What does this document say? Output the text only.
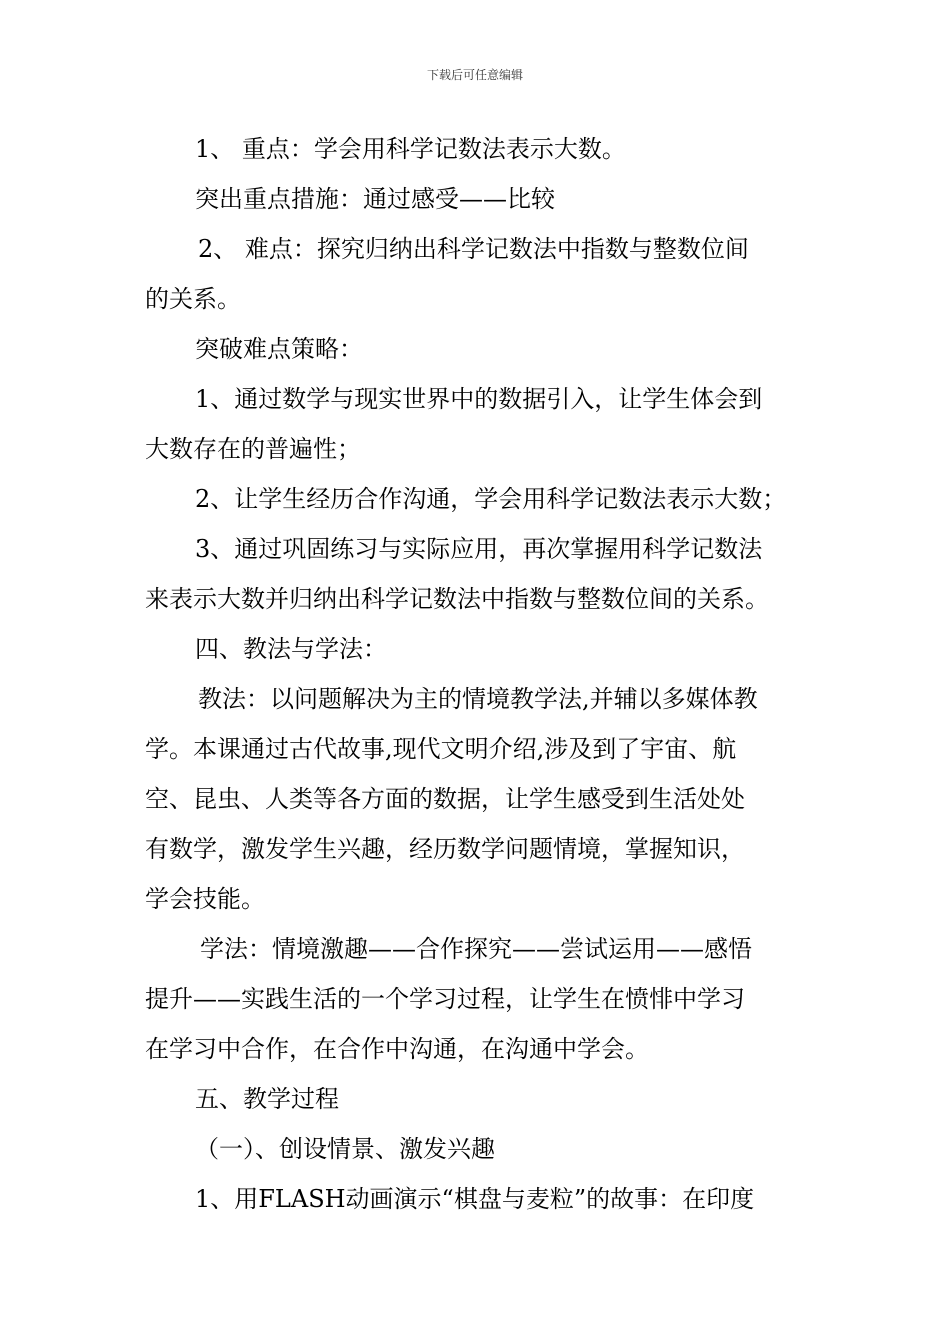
下载后可任意编辑
1、 重点：学会用科学记数法表示大数。
突出重点措施：通过感受——比较
2、 难点：探究归纳出科学记数法中指数与整数位间
的关系。
突破难点策略：
1、通过数学与现实世界中的数据引入，让学生体会到
大数存在的普遍性；
2、让学生经历合作沟通，学会用科学记数法表示大数；
3、通过巩固练习与实际应用，再次掌握用科学记数法
来表示大数并归纳出科学记数法中指数与整数位间的关系。
四、教法与学法：
教法：以问题解决为主的情境教学法,并辅以多媒体教
学。本课通过古代故事,现代文明介绍,涉及到了宇宙、航
空、昆虫、人类等各方面的数据，让学生感受到生活处处
有数学，激发学生兴趣，经历数学问题情境，掌握知识，
学会技能。
学法：情境激趣——合作探究——尝试运用——感悟
提升——实践生活的一个学习过程，让学生在愤悱中学习
在学习中合作，在合作中沟通，在沟通中学会。
五、教学过程
（一）、创设情景、激发兴趣
1、用FLASH动画演示“棋盘与麦粒”的故事：在印度
